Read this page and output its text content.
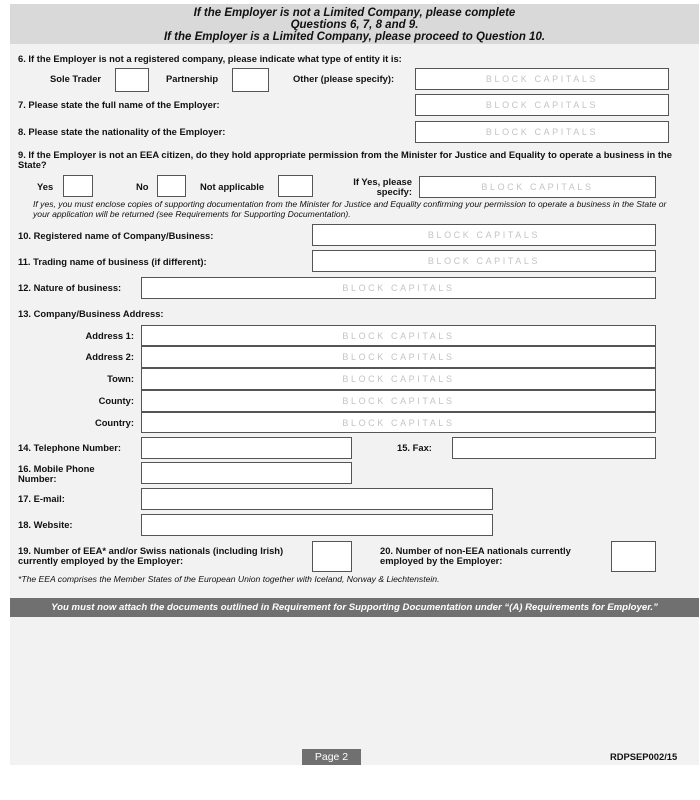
If the Employer is not a Limited Company, please complete
Questions 6, 7, 8 and 9.
If the Employer is a Limited Company, please proceed to Question 10.
6. If the Employer is not a registered company, please indicate what type of entity it is:
Sole Trader	Partnership	Other (please specify):	BLOCK CAPITALS
7. Please state the full name of the Employer:	BLOCK CAPITALS
8. Please state the nationality of the Employer:	BLOCK CAPITALS
9. If the Employer is not an EEA citizen, do they hold appropriate permission from the Minister for Justice and Equality to operate a business in the State?
Yes	No	Not applicable	If Yes, please specify:	BLOCK CAPITALS
If yes, you must enclose copies of supporting documentation from the Minister for Justice and Equality confirming your permission to operate a business in the State or your application will be returned (see Requirements for Supporting Documentation).
10. Registered name of Company/Business:	BLOCK CAPITALS
11. Trading name of business (if different):	BLOCK CAPITALS
12. Nature of business:	BLOCK CAPITALS
13. Company/Business Address:
Address 1:	BLOCK CAPITALS
Address 2:	BLOCK CAPITALS
Town:	BLOCK CAPITALS
County:	BLOCK CAPITALS
Country:	BLOCK CAPITALS
14. Telephone Number:	15. Fax:
16. Mobile Phone Number:
17. E-mail:
18. Website:
19. Number of EEA* and/or Swiss nationals (including Irish) currently employed by the Employer:
20. Number of non-EEA nationals currently employed by the Employer:
*The EEA comprises the Member States of the European Union together with Iceland, Norway & Liechtenstein.
You must now attach the documents outlined in Requirement for Supporting Documentation under “(A) Requirements for Employer.”
Page 2	RDPSEP002/15
